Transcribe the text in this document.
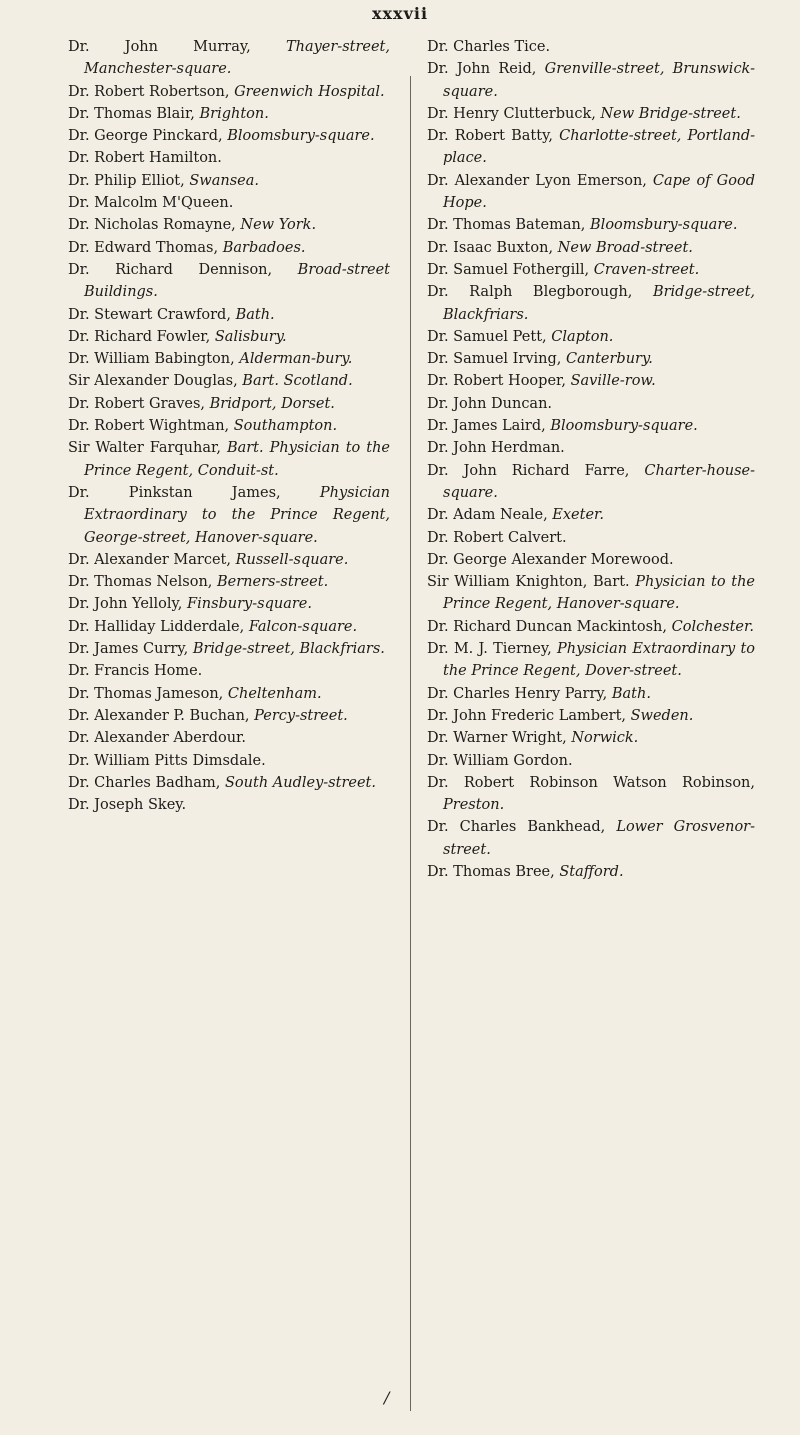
xxxvii
Dr. John Murray, Thayer-street, Manchester-square.
Dr. Robert Robertson, Greenwich Hospital.
Dr. Thomas Blair, Brighton.
Dr. George Pinckard, Bloomsbury-square.
Dr. Robert Hamilton.
Dr. Philip Elliot, Swansea.
Dr. Malcolm M'Queen.
Dr. Nicholas Romayne, New York.
Dr. Edward Thomas, Barbadoes.
Dr. Richard Dennison, Broad-street Buildings.
Dr. Stewart Crawford, Bath.
Dr. Richard Fowler, Salisbury.
Dr. William Babington, Alderman-bury.
Sir Alexander Douglas, Bart. Scotland.
Dr. Robert Graves, Bridport, Dorset.
Dr. Robert Wightman, Southampton.
Sir Walter Farquhar, Bart. Physician to the Prince Regent, Conduit-st.
Dr. Pinkstan James,	Physician Extraordinary to the Prince Regent, George-street, Hanover-square.
Dr. Alexander Marcet, Russell-square.
Dr. Thomas Nelson, Berners-street.
Dr. John Yelloly, Finsbury-square.
Dr. Halliday Lidderdale, Falcon-square.
Dr. James Curry, Bridge-street, Blackfriars.
Dr. Francis Home.
Dr. Thomas Jameson, Cheltenham.
Dr. Alexander P. Buchan, Percy-street.
Dr. Alexander Aberdour.
Dr. William Pitts Dimsdale.
Dr. Charles Badham, South Audley-street.
Dr. Joseph Skey.
Dr. Charles Tice.
Dr. John Reid, Grenville-street, Brunswick-square.
Dr. Henry Clutterbuck, New Bridge-street.
Dr. Robert Batty, Charlotte-street, Portland-place.
Dr. Alexander Lyon Emerson, Cape of Good Hope.
Dr. Thomas Bateman, Bloomsbury-square.
Dr. Isaac Buxton, New Broad-street.
Dr. Samuel Fothergill, Craven-street.
Dr. Ralph Blegborough, Bridge-street, Blackfriars.
Dr. Samuel Pett, Clapton.
Dr. Samuel Irving, Canterbury.
Dr. Robert Hooper, Saville-row.
Dr. John Duncan.
Dr. James Laird, Bloomsbury-square.
Dr. John Herdman.
Dr. John Richard Farre, Charter-house-square.
Dr. Adam Neale, Exeter.
Dr. Robert Calvert.
Dr. George Alexander Morewood.
Sir William Knighton, Bart. Physician to the Prince Regent, Hanover-square.
Dr. Richard Duncan Mackintosh, Colchester.
Dr. M. J. Tierney, Physician Extraordinary to the Prince Regent, Dover-street.
Dr. Charles Henry Parry, Bath.
Dr. John Frederic Lambert, Sweden.
Dr. Warner Wright, Norwick.
Dr. William Gordon.
Dr. Robert Robinson Watson Robinson, Preston.
Dr. Charles Bankhead, Lower Grosvenor-street.
Dr. Thomas Bree, Stafford.
/
